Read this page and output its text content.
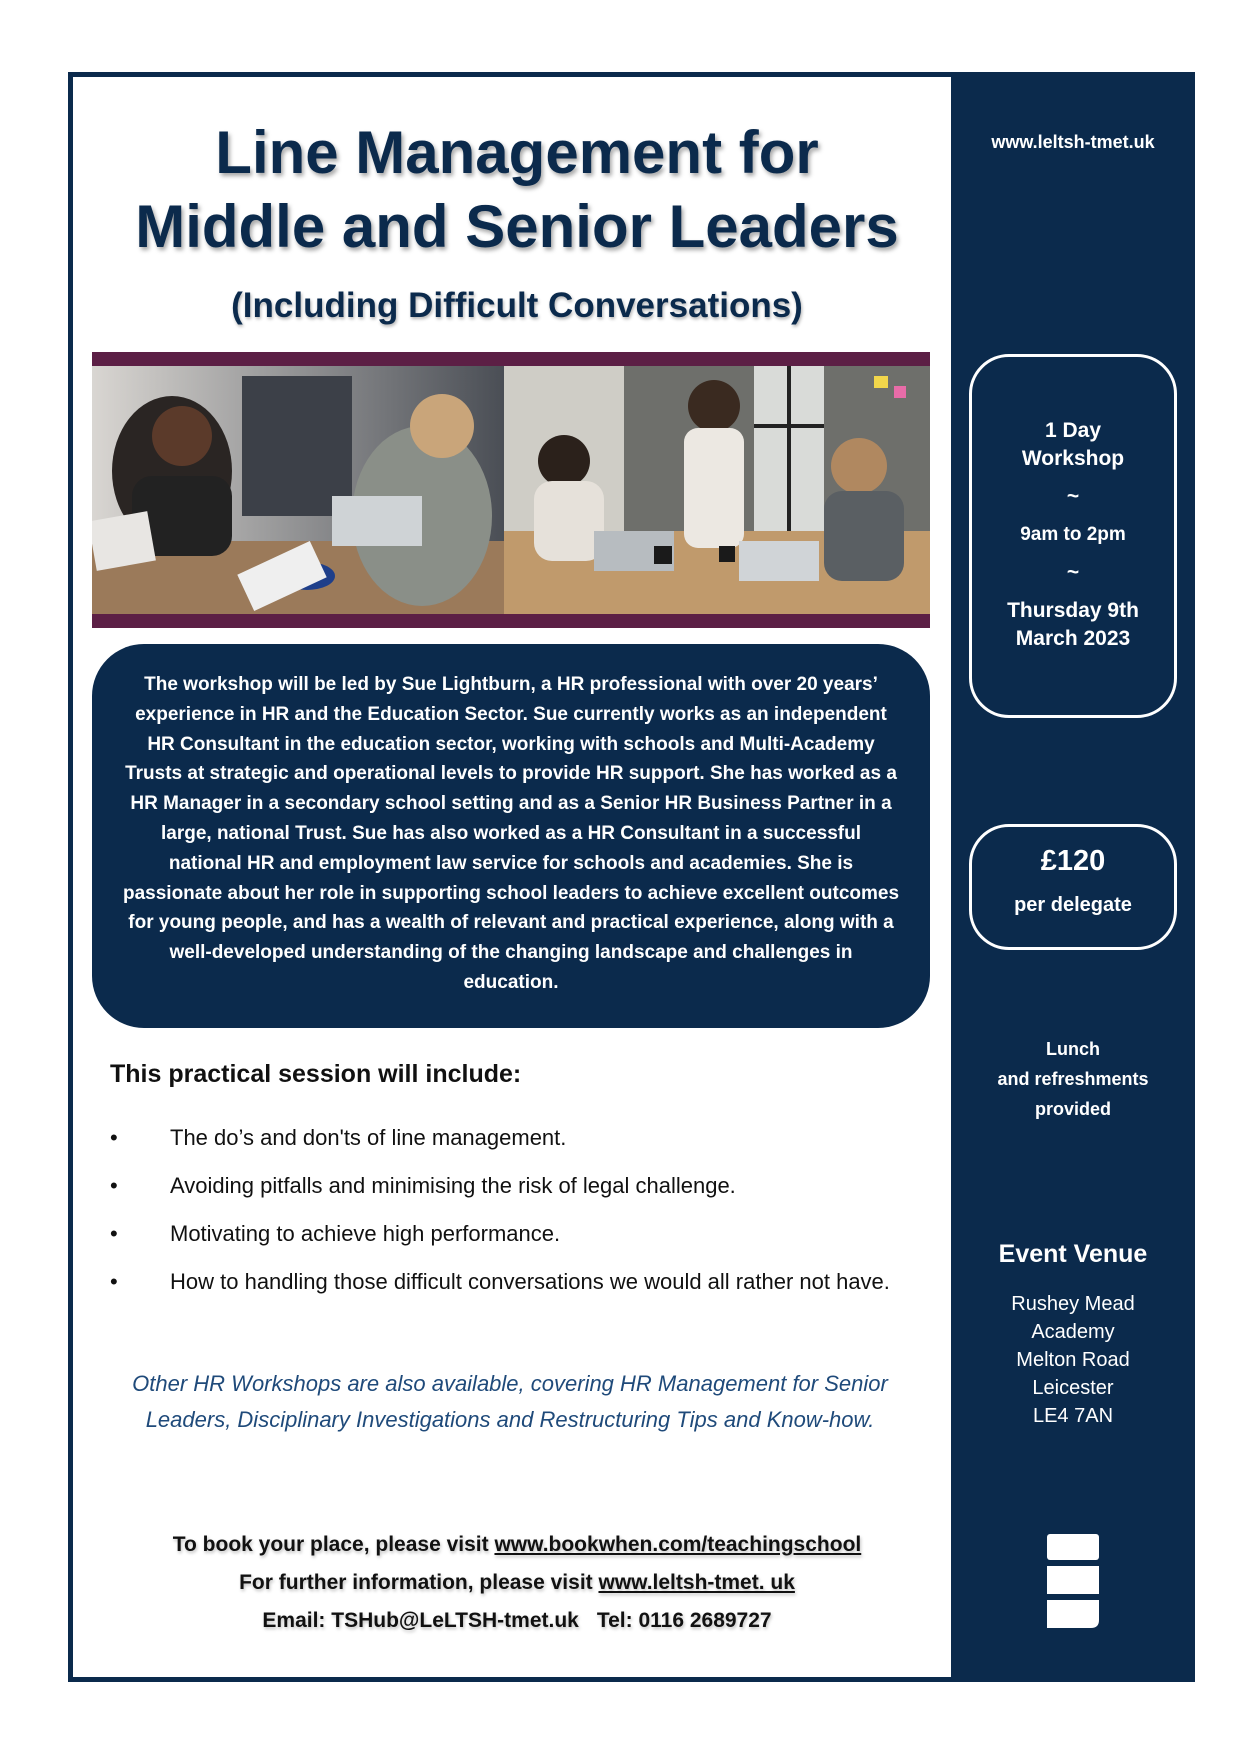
Line Management for
Middle and Senior Leaders
(Including Difficult Conversations)
The workshop will be led by Sue Lightburn, a HR professional with over 20 years’ experience in HR and the Education Sector. Sue currently works as an independent HR Consultant in the education sector, working with schools and Multi-Academy Trusts at strategic and operational levels to provide HR support. She has worked as a HR Manager in a secondary school setting and as a Senior HR Business Partner in a large, national Trust. Sue has also worked as a HR Consultant in a successful national HR and employment law service for schools and academies. She is passionate about her role in supporting school leaders to achieve excellent outcomes for young people, and has a wealth of relevant and practical experience, along with a well-developed understanding of the changing landscape and challenges in education.
This practical session will include:
• The do’s and don'ts of line management.
• Avoiding pitfalls and minimising the risk of legal challenge.
• Motivating to achieve high performance.
• How to handling those difficult conversations we would all rather not have.
Other HR Workshops are also available, covering HR Management for Senior Leaders, Disciplinary Investigations and Restructuring Tips and Know-how.
To book your place, please visit www.bookwhen.com/teachingschool
For further information, please visit www.leltsh-tmet. uk
Email: TSHub@LeLTSH-tmet.uk Tel: 0116 2689727
www.leltsh-tmet.uk
1 Day
Workshop
~
9am to 2pm
~
Thursday 9th
March 2023
£120
per delegate
Lunch
and refreshments
provided
Event Venue
Rushey Mead
Academy
Melton Road
Leicester
LE4 7AN
